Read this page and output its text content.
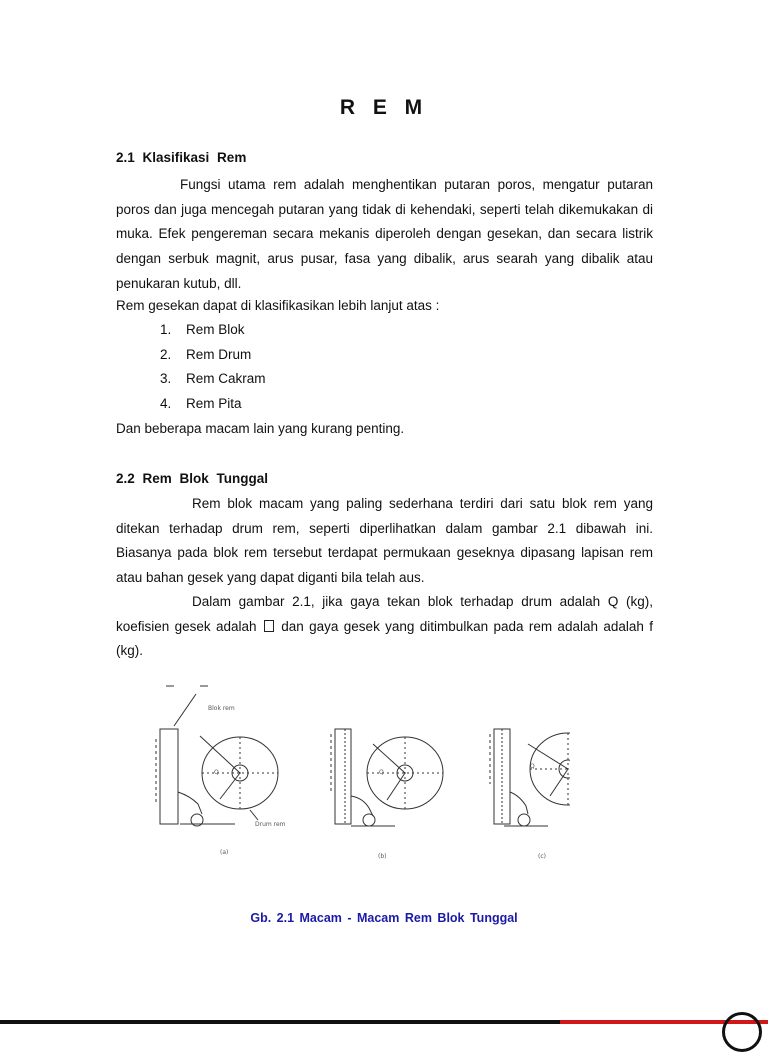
R E M
2.1 Klasifikasi Rem

Fungsi utama rem adalah menghentikan putaran poros, mengatur putaran poros dan juga mencegah putaran yang tidak di kehendaki, seperti telah dikemukakan di muka. Efek pengereman secara mekanis diperoleh dengan gesekan, dan secara listrik dengan serbuk magnit, arus pusar, fasa yang dibalik, arus searah yang dibalik atau penukaran kutub, dll.

Rem gesekan dapat di klasifikasikan lebih lanjut atas :

1.	Rem Blok
2.	Rem Drum
3.	Rem Cakram
4.	Rem Pita

Dan beberapa macam lain yang kurang penting.

2.2 Rem Blok Tunggal

Rem blok macam yang paling sederhana terdiri dari satu blok rem yang ditekan terhadap drum rem, seperti diperlihatkan dalam gambar 2.1 dibawah ini. Biasanya pada blok rem tersebut terdapat permukaan geseknya dipasang lapisan rem atau bahan gesek yang dapat diganti bila telah aus.

Dalam gambar 2.1, jika gaya tekan blok terhadap drum adalah Q (kg), koefisien gesek adalah dan gaya gesek yang ditimbulkan pada rem adalah adalah f (kg).

Blok rem
Drum rem
Q	Q
Q
(a)
(b)	(c)
Gb. 2.1 Macam - Macam Rem Blok Tunggal
